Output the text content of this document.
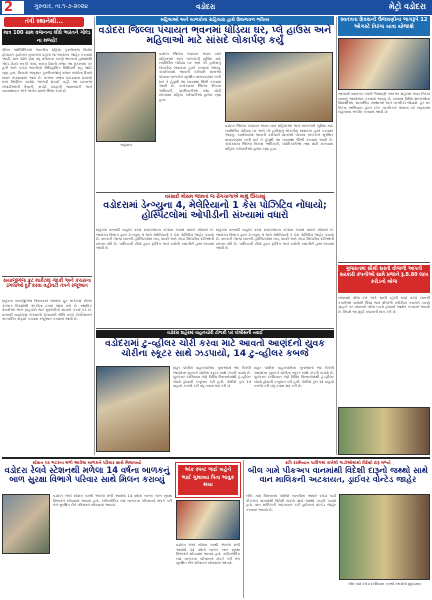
2	ગુરુવાર, તા.૧-૭-૨૦૨૪	વડોદરા	મેટ્રો વડોદરા
તંત્રી સ્થાનેથી...
માત્ર 100 ગ્રામ વજનના લીધે ભારતને ગોલ્ડ ના મળ્યો!
પેરિસ ઓલિમ્પિકમાં ભારતીય મહિલા કુસ્તીબાજ વિનેશ ફોગાટને ફાઈનલ મુકાબલા પહેલાં જ અયોગ્ય જાહેર કરવામાં આવી. માત્ર 100 ગ્રામ વધુ વજનના કારણે ભારતના હાથમાંથી ગોલ્ડ મેડલ સરકી ગયો. સમગ્ર દેશની નજર આ મુકાબલા પર હતી અને કરોડો ભારતીયો ઐતિહાસિક સિદ્ધિની રાહ જોઈ રહ્યા હતા. નિયમો અનુસાર કુસ્તીબાજોનું વજન સ્પર્ધાના દિવસે સવારે તપાસવામાં આવે છે. રાતભર વજન ઘટાડવાના પ્રયાસો છતાં નિર્ધારિત મર્યાદા જાળવી શકાઈ નહીં. આ ઘટનાએ ખેલાડીઓની તૈયારી, સપોર્ટ સ્ટાફની જવાબદારી અને વ્યવસ્થાપન અંગે અનેક પ્રશ્નો ઊભા કર્યા છે.
સયાજીગંજ ફ્રૂટ માર્કેટમાં ગંદકી અને કચરાના ઢગલાઓ દૂર કરવા વહીવટી તંત્રને રજૂઆત
શહેરના સયાજીગંજ વિસ્તારમાં આવેલા ફ્રૂટ માર્કેટમાં છેલ્લા કેટલાક દિવસોથી ગંદકીના ઢગલા જોવા મળે છે. સ્થાનિક વેપારીઓ અને ગ્રાહકોને ભારે મુશ્કેલીનો સામનો કરવો પડે છે. વરસાદી માહોલમાં રોગચાળો ફેલાવાની ભીતિ વચ્ચે કોર્પોરેશનને તાત્કાલિક સફાઈ કરાવવા રજૂઆત કરવામાં આવી છે.
મહિલાઓ અને બાળકોના સહિયારા હાથે ઉજ્જવળ ભવિષ્ય
વડોદરા જિલ્લા પંચાયત ભવનમાં ધોડિયા ઘર, પ્લે હાઉસ અને મહિલાઓ માટે સાંસદે લોકાર્પણ કર્યું
અહેવાલ
વડોદરા જિલ્લા પંચાયત ભવન ખાતે મહિલાઓ અને બાળકોની સુવિધા માટે નવનિર્મિત ઘોડિયા ઘર અને પ્લે હાઉસનું લોકાર્પણ સાંસદના હસ્તે કરવામાં આવ્યું. કાર્યાલયમાં આવતી કર્મચારી માતાઓ પોતાના બાળકોને સુરક્ષિત વાતાવરણમાં રાખી શકે તે હેતુથી આ વ્યવસ્થા ઊભી કરવામાં આવી છે. કાર્યક્રમમાં જિલ્લા વિકાસ અધિકારી, પદાધિકારીઓ તથા મોટી સંખ્યામાં મહિલા કર્મચારીઓ હાજર રહ્યા હતા.
વડોદરા જિલ્લા પંચાયત ભવન ખાતે મહિલાઓ અને બાળકોની સુવિધા માટે નવનિર્મિત ઘોડિયા ઘર અને પ્લે હાઉસનું લોકાર્પણ સાંસદના હસ્તે કરવામાં આવ્યું. કાર્યાલયમાં આવતી કર્મચારી માતાઓ પોતાના બાળકોને સુરક્ષિત વાતાવરણમાં રાખી શકે તે હેતુથી આ વ્યવસ્થા ઊભી કરવામાં આવી છે. કાર્યક્રમમાં જિલ્લા વિકાસ અધિકારી, પદાધિકારીઓ તથા મોટી સંખ્યામાં મહિલા કર્મચારીઓ હાજર રહ્યા હતા.
સ્વતંત્રતા દિવસની ઉજવણીના ભાગરૂપે 12 ઓગસ્ટે તિરંગા યાત્રા યોજાશે
આગામી સ્વાતંત્ર્ય પર્વની ઉજવણી અંતર્ગત શહેરમાં ભવ્ય તિરંગા યાત્રાનું આયોજન કરવામાં આવ્યું છે. યાત્રામાં વિવિધ શાળાઓના વિદ્યાર્થીઓ, સામાજિક સંસ્થાઓ અને નાગરિકો જોડાશે. હર ઘર તિરંગા અભિયાન હેઠળ દરેક નાગરિકને પોતાના ઘરે રાષ્ટ્રધ્વજ લહેરાવવા અપીલ કરવામાં આવી છે.
ગુજરાતમાં સૌથી સસ્તી વીજળી આપતી સરકારી કંપનીઓ સામે પ્રજાને રૂ.8.80 લાખ કરોડનો બોજ
રાજ્યમાં વીજ દરો અંગે ચાલી રહેલી ચર્ચા વચ્ચે ખાનગી કંપનીઓ પાસેથી ઊંચા ભાવે વીજળી ખરીદીના કરારોને કારણે ગ્રાહકો પર વધારાનો બોજ પડતો હોવાનો આક્ષેપ કરવામાં આવ્યો છે. વિપક્ષે આ મુદ્દે તપાસની માંગ કરી છે.
વરસાદી મોસમ જામતાં જ રોગચાળાએ માથું ઊંચક્યું
વડોદરામાં ડેન્ગ્યુના 4, મેલેરિયાનો 1 કેસ પોઝિટિવ નોંધાયો; હોસ્પિટલોમાં ઓપીડીની સંખ્યામાં વધારો
શહેરમાં વરસાદી માહોલ વચ્ચે મચ્છરજન્ય રોગોના કેસમાં વધારો નોંધાયો છે. આરોગ્ય વિભાગ દ્વારા ડેન્ગ્યુના 4 અને મેલેરિયાનો 1 કેસ પોઝિટિવ જાહેર કરાયો છે. સરકારી તેમજ ખાનગી હોસ્પિટલોમાં તાવ, શરદી અને ઝાડા ઊલટીના દર્દીઓની સંખ્યા વધી છે. પાલિકાની ટીમો દ્વારા ફોગિંગ અને સર્વેની કામગીરી હાથ ધરવામાં આવી છે.
શહેરમાં વરસાદી માહોલ વચ્ચે મચ્છરજન્ય રોગોના કેસમાં વધારો નોંધાયો છે. આરોગ્ય વિભાગ દ્વારા ડેન્ગ્યુના 4 અને મેલેરિયાનો 1 કેસ પોઝિટિવ જાહેર કરાયો છે. સરકારી તેમજ ખાનગી હોસ્પિટલોમાં તાવ, શરદી અને ઝાડા ઊલટીના દર્દીઓની સંખ્યા વધી છે. પાલિકાની ટીમો દ્વારા ફોગિંગ અને સર્વેની કામગીરી હાથ ધરવામાં આવી છે.
વડોદરા શહેરમાં વાહનચોરી ટોળકી પર પોલીસની તવાઈ
વડોદરામાં ટુ-વ્હીલર ચોરી કરવા માટે આવતો આણંદનો યુવક ચોરીના સ્કૂટર સાથે ઝડપાયો, 14 ટુ-વ્હીલર કબજે
શહેર પોલીસે વાહનચોરીના ગુનાઓનો ભેદ ઉકેલી આણંદના યુવકને ચોરીના સ્કૂટર સાથે ઝડપી પાડ્યો છે. પૂછપરછ દરમિયાન તેણે વિવિધ વિસ્તારોમાંથી ટુ-વ્હીલર ચોર્યા હોવાની કબૂલાત કરી હતી. પોલીસે કુલ 14 વાહનો કબજે કરી વધુ તપાસ શરૂ કરી છે.
શહેર પોલીસે વાહનચોરીના ગુનાઓનો ભેદ ઉકેલી આણંદના યુવકને ચોરીના સ્કૂટર સાથે ઝડપી પાડ્યો છે. પૂછપરછ દરમિયાન તેણે વિવિધ વિસ્તારોમાંથી ટુ-વ્હીલર ચોર્યા હોવાની કબૂલાત કરી હતી. પોલીસે કુલ 14 વાહનો કબજે કરી વધુ તપાસ શરૂ કરી છે.
સ્ટેશન પર ભટકતા મળી આવેલા બાળકને પરિવાર સાથે મિલાવાયો
વડોદરા રેલવે સ્ટેશનથી મળેલા 14 વર્ષના બાળકનું બાળ સુરક્ષા વિભાગે પરિવાર સાથે મિલન કરાવ્યું
વડોદરા રેલવે સ્ટેશન પરથી એકલો મળી આવેલો 14 વર્ષનો બાળક બાળ સુરક્ષા વિભાગને સોંપવામાં આવ્યો હતો. કાઉન્સેલિંગ બાદ બાળકના પરિવારનો સંપર્ક કરી તેને સુરક્ષિત રીતે પરિવારને સોંપવામાં આવ્યો.
અંક સ્પષ્ટ ભાઈ બહેને ભાઈ ગુમાવ્યા પિતા ભાવુક થયા
વડોદરા રેલવે સ્ટેશન પરથી એકલો મળી આવેલો 14 વર્ષનો બાળક બાળ સુરક્ષા વિભાગને સોંપવામાં આવ્યો હતો. કાઉન્સેલિંગ બાદ બાળકના પરિવારનો સંપર્ક કરી તેને સુરક્ષિત રીતે પરિવારને સોંપવામાં આવ્યો.
રાત્રિ દરમિયાન પાર્કિંગમાં રાખેલી ગાડીઓમાંથી વિદેશી દારૂ મળ્યો
બીલ ગામે પીકઅપ વાનમાંથી વિદેશી દારૂનો જથ્થો સાથે વાન માલિકની અટકાયત, ડ્રાઈવર વોન્ટેડ જાહેર
બીલ ગામ વિસ્તારમાં પોલીસે બાતમીના આધારે દરોડો પાડી પીકઅપ વાનમાંથી વિદેશી દારૂનો મોટો જથ્થો ઝડપી પાડ્યો હતો. વાન માલિકની અટકાયત કરી ડ્રાઈવરને વોન્ટેડ જાહેર કરવામાં આવ્યો છે.
બીલ ગામે દરોડા દરમિયાન કબજે કરાયેલો મુદ્દામાલ
